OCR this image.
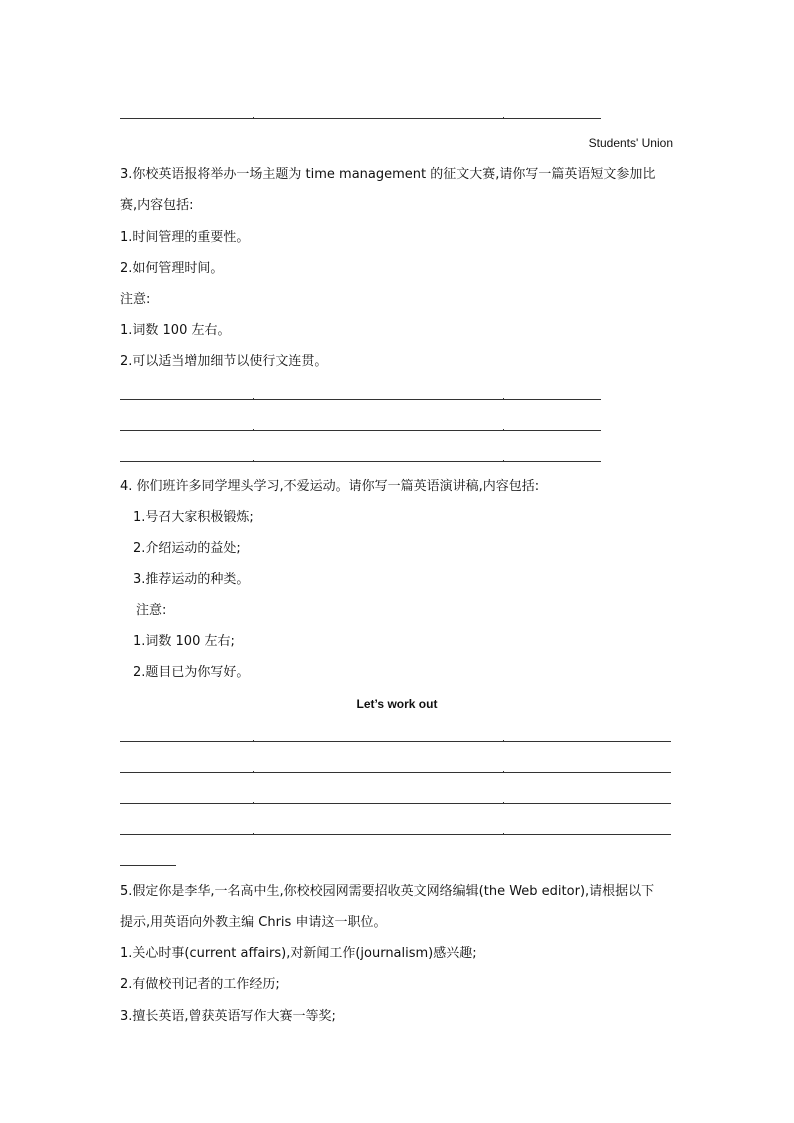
Students' Union
3.你校英语报将举办一场主题为 time management 的征文大赛,请你写一篇英语短文参加比
赛,内容包括:
1.时间管理的重要性。
2.如何管理时间。
注意:
1.词数 100 左右。
2.可以适当增加细节以使行文连贯。
4. 你们班许多同学埋头学习,不爱运动。请你写一篇英语演讲稿,内容包括:
1.号召大家积极锻炼;
2.介绍运动的益处;
3.推荐运动的种类。
注意:
1.词数 100 左右;
2.题目已为你写好。
Let’s work out
5.假定你是李华,一名高中生,你校校园网需要招收英文网络编辑(the Web editor),请根据以下
提示,用英语向外教主编 Chris 申请这一职位。
1.关心时事(current affairs),对新闻工作(journalism)感兴趣;
2.有做校刊记者的工作经历;
3.擅长英语,曾获英语写作大赛一等奖;
